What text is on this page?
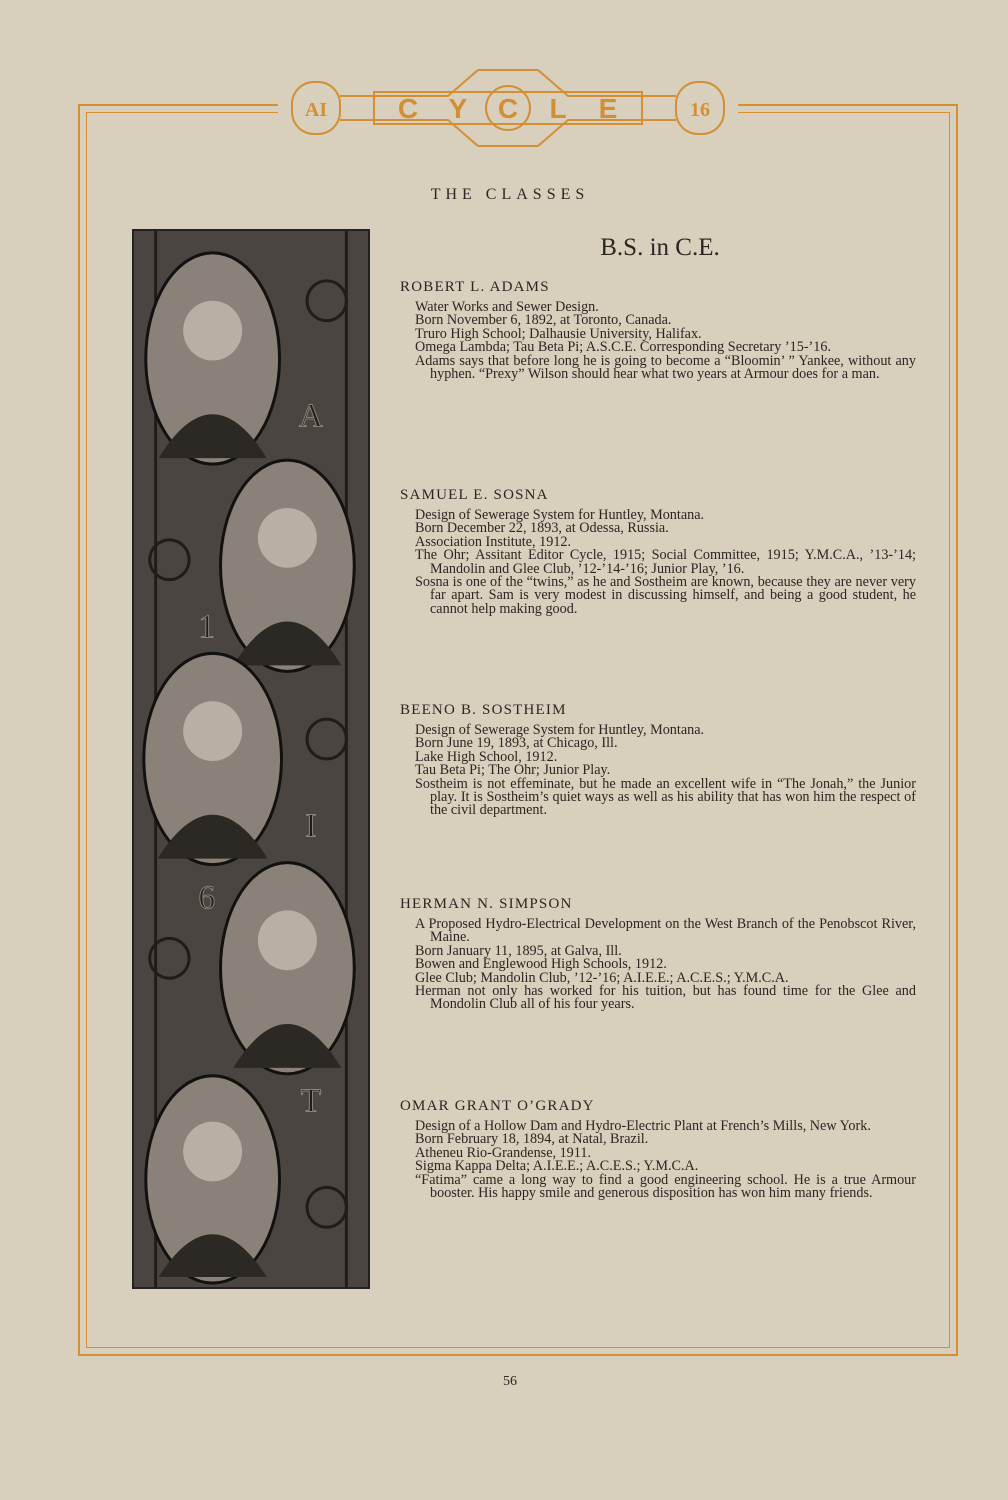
AI	16
C Y C L E
THE CLASSES
A
1
I
6
T
B.S. in C.E.
ROBERT L. ADAMS

Water Works and Sewer Design.

Born November 6, 1892, at Toronto, Canada.

Truro High School; Dalhausie University, Halifax.

Omega Lambda; Tau Beta Pi; A.S.C.E. Corresponding Secretary ’15-’16.

Adams says that before long he is going to become a “Bloomin’ ” Yankee, without any hyphen. “Prexy” Wilson should hear what two years at Armour does for a man.

SAMUEL E. SOSNA

Design of Sewerage System for Huntley, Montana.

Born December 22, 1893, at Odessa, Russia.

Association Institute, 1912.

The Ohr; Assitant Editor Cycle, 1915; Social Committee, 1915; Y.M.C.A., ’13-’14; Mandolin and Glee Club, ’12-’14-’16; Junior Play, ’16.

Sosna is one of the “twins,” as he and Sostheim are known, because they are never very far apart. Sam is very modest in discussing himself, and being a good student, he cannot help making good.

BEENO B. SOSTHEIM

Design of Sewerage System for Huntley, Montana.

Born June 19, 1893, at Chicago, Ill.

Lake High School, 1912.

Tau Beta Pi; The Ohr; Junior Play.

Sostheim is not effeminate, but he made an excellent wife in “The Jonah,” the Junior play. It is Sostheim’s quiet ways as well as his ability that has won him the respect of the civil department.

HERMAN N. SIMPSON

A Proposed Hydro-Electrical Development on the West Branch of the Penobscot River, Maine.

Born January 11, 1895, at Galva, Ill.

Bowen and Englewood High Schools, 1912.

Glee Club; Mandolin Club, ’12-’16; A.I.E.E.; A.C.E.S.; Y.M.C.A.

Herman not only has worked for his tuition, but has found time for the Glee and Mondolin Club all of his four years.

OMAR GRANT O’GRADY

Design of a Hollow Dam and Hydro-Electric Plant at French’s Mills, New York.

Born February 18, 1894, at Natal, Brazil.

Atheneu Rio-Grandense, 1911.

Sigma Kappa Delta; A.I.E.E.; A.C.E.S.; Y.M.C.A.

“Fatima” came a long way to find a good engineering school. He is a true Armour booster. His happy smile and generous disposition has won him many friends.

56
